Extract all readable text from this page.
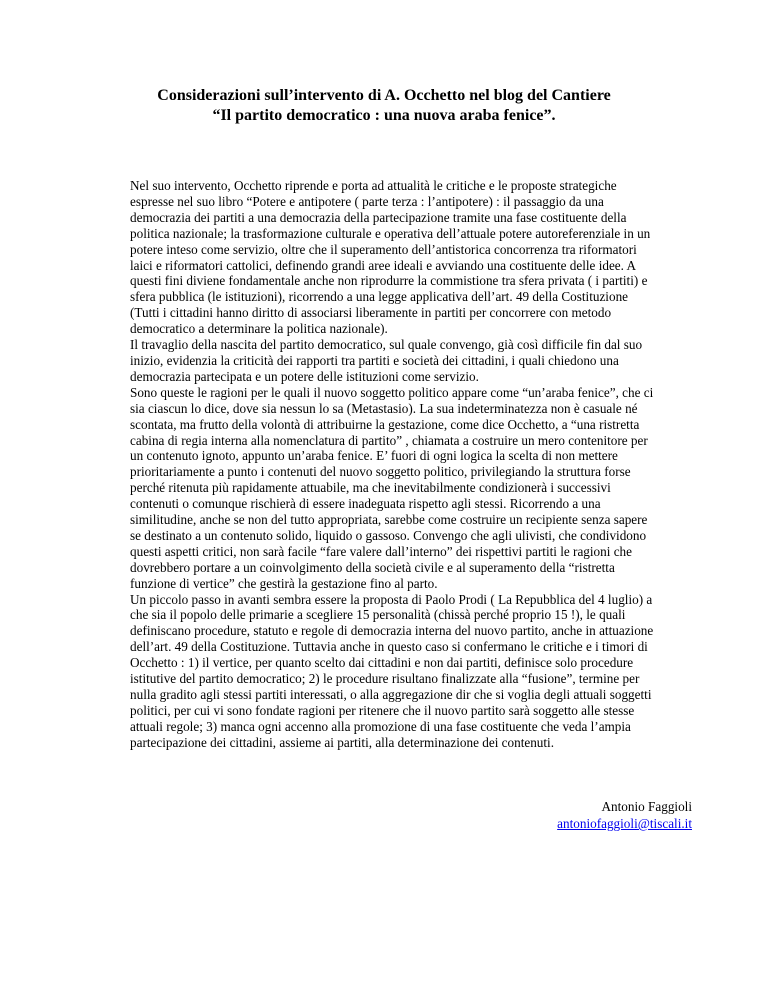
Considerazioni sull’intervento di A. Occhetto nel blog del Cantiere
“Il partito democratico : una nuova araba fenice”.
Nel suo intervento, Occhetto riprende e porta ad attualità le critiche e le proposte strategiche
espresse nel suo libro “Potere e antipotere ( parte terza : l’antipotere) : il passaggio da una
democrazia dei partiti a una democrazia della partecipazione tramite una fase costituente della
politica nazionale; la trasformazione culturale e operativa dell’attuale potere autoreferenziale in un
potere inteso come servizio, oltre che il superamento dell’antistorica concorrenza tra riformatori
laici e riformatori cattolici, definendo grandi aree ideali e avviando una costituente delle idee. A
questi fini diviene fondamentale anche non riprodurre la commistione tra sfera privata ( i partiti) e
sfera pubblica (le istituzioni), ricorrendo a una legge applicativa dell’art. 49 della Costituzione
(Tutti i cittadini hanno diritto di associarsi liberamente in partiti per concorrere con metodo
democratico a determinare la politica nazionale).
Il travaglio della nascita del partito democratico, sul quale convengo, già così difficile fin dal suo
inizio, evidenzia la criticità dei rapporti tra partiti e società dei cittadini, i quali chiedono una
democrazia partecipata e un potere delle istituzioni come servizio.
Sono queste le ragioni per le quali il nuovo soggetto politico appare come “un’araba fenice”, che ci
sia ciascun lo dice, dove sia nessun lo sa (Metastasio). La sua indeterminatezza non è casuale né
scontata, ma frutto della volontà di attribuirne la gestazione, come dice Occhetto, a “una ristretta
cabina di regia interna alla nomenclatura di partito” , chiamata a costruire un mero contenitore per
un contenuto ignoto, appunto un’araba fenice. E’ fuori di ogni logica la scelta di non mettere
prioritariamente a punto i contenuti del nuovo soggetto politico, privilegiando la struttura forse
perché ritenuta più rapidamente attuabile, ma che inevitabilmente condizionerà i successivi
contenuti o comunque rischierà di essere inadeguata rispetto agli stessi. Ricorrendo a una
similitudine, anche se non del tutto appropriata, sarebbe come costruire un recipiente senza sapere
se destinato a un contenuto solido, liquido o gassoso. Convengo che agli ulivisti, che condividono
questi aspetti critici, non sarà facile “fare valere dall’interno” dei rispettivi partiti le ragioni che
dovrebbero portare a un coinvolgimento della società civile e al superamento della “ristretta
funzione di vertice” che gestirà la gestazione fino al parto.
Un piccolo passo in avanti sembra essere la proposta di Paolo Prodi ( La Repubblica del 4 luglio) a
che sia il popolo delle primarie a scegliere 15 personalità (chissà perché proprio 15 !), le quali
definiscano procedure, statuto e regole di democrazia interna del nuovo partito, anche in attuazione
dell’art. 49 della Costituzione. Tuttavia anche in questo caso si confermano le critiche e i timori di
Occhetto : 1) il vertice, per quanto scelto dai cittadini e non dai partiti, definisce solo procedure
istitutive del partito democratico; 2) le procedure risultano finalizzate alla “fusione”, termine per
nulla gradito agli stessi partiti interessati, o alla aggregazione dir che si voglia degli attuali soggetti
politici, per cui vi sono fondate ragioni per ritenere che il nuovo partito sarà soggetto alle stesse
attuali regole; 3) manca ogni accenno alla promozione di una fase costituente che veda l’ampia
partecipazione dei cittadini, assieme ai partiti, alla determinazione dei contenuti.
Antonio Faggioli
antoniofaggioli@tiscali.it
